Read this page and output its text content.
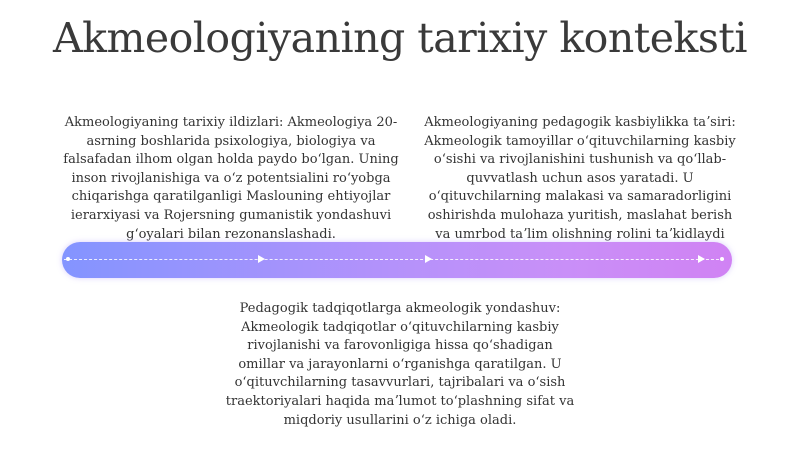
Akmeologiyaning tarixiy konteksti

Akmeologiyaning tarixiy ildizlari: Akmeologiya 20-asrning boshlarida psixologiya, biologiya va falsafadan ilhom olgan holda paydo boʻlgan. Uning inson rivojlanishiga va oʻz potentsialini roʻyobga chiqarishga qaratilganligi Maslouning ehtiyojlar ierarxiyasi va Rojersning gumanistik yondashuvi gʻoyalari bilan rezonanslashadi.

Akmeologiyaning pedagogik kasbiylikka taʼsiri: Akmeologik tamoyillar oʻqituvchilarning kasbiy oʻsishi va rivojlanishini tushunish va qoʻllab-quvvatlash uchun asos yaratadi. U oʻqituvchilarning malakasi va samaradorligini oshirishda mulohaza yuritish, maslahat berish va umrbod taʼlim olishning rolini taʼkidlaydi

Pedagogik tadqiqotlarga akmeologik yondashuv: Akmeologik tadqiqotlar oʻqituvchilarning kasbiy rivojlanishi va farovonligiga hissa qoʻshadigan omillar va jarayonlarni oʻrganishga qaratilgan. U oʻqituvchilarning tasavvurlari, tajribalari va oʻsish traektoriyalari haqida maʼlumot toʻplashning sifat va miqdoriy usullarini oʻz ichiga oladi.
